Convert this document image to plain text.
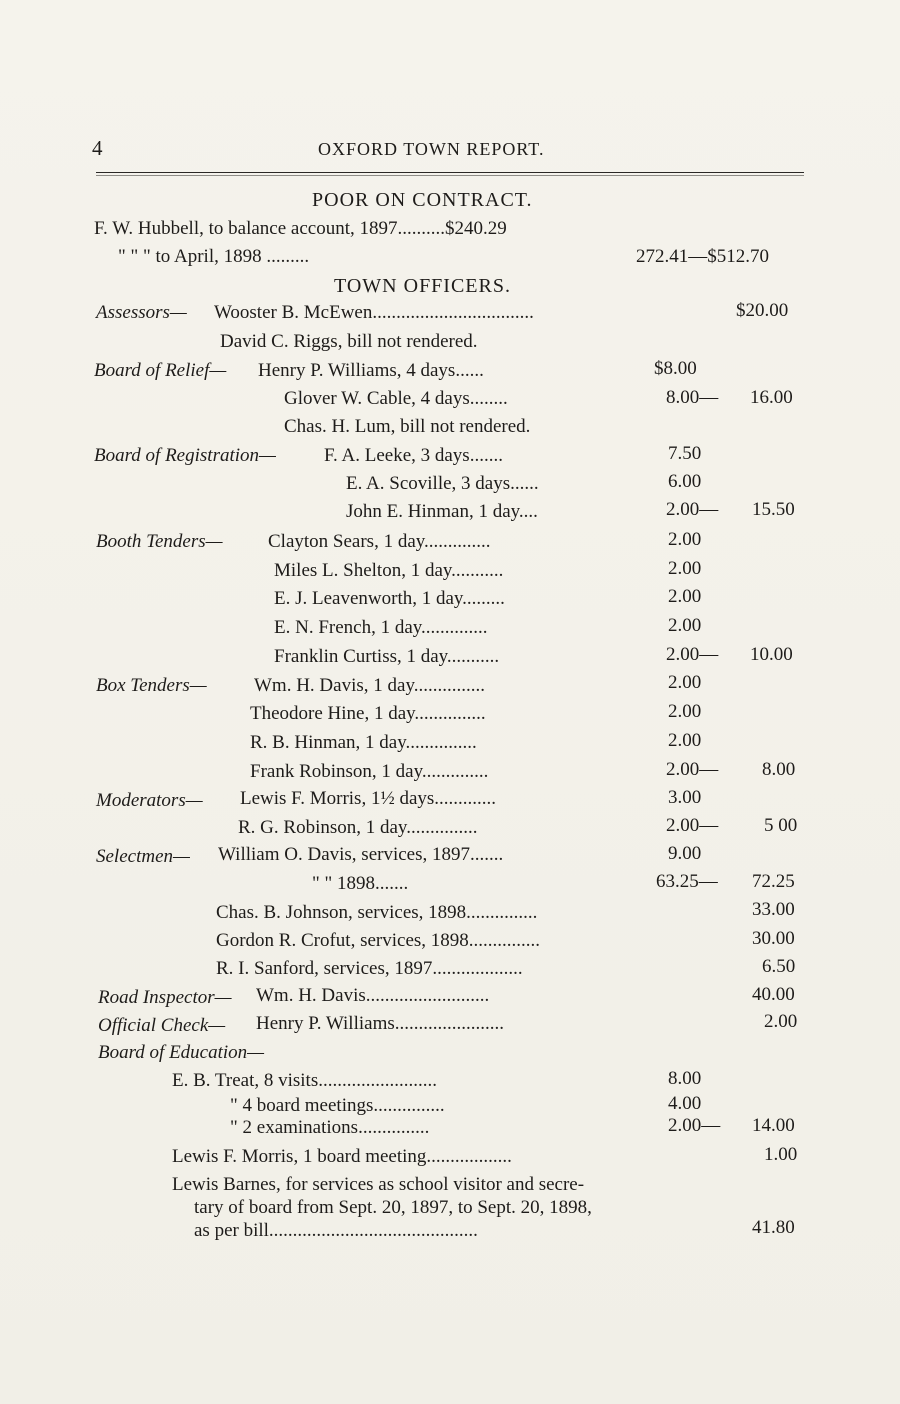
4	OXFORD TOWN REPORT.
POOR ON CONTRACT.
F. W. Hubbell, to balance account, 1897..........$240.29
" " " to April, 1898 .........	272.41—$512.70
TOWN OFFICERS.
Assessors— Wooster B. McEwen..................................	$20.00
David C. Riggs, bill not rendered.
Board of Relief— Henry P. Williams, 4 days......	$8.00
Glover W. Cable, 4 days........	8.00— 16.00
Chas. H. Lum, bill not rendered.
Board of Registration—	F. A. Leeke, 3 days.......	7.50
E. A. Scoville, 3 days......	6.00
John E. Hinman, 1 day....	2.00— 15.50
Booth Tenders— Clayton Sears, 1 day..............	2.00
Miles L. Shelton, 1 day...........	2.00
E. J. Leavenworth, 1 day.........	2.00
E. N. French, 1 day..............	2.00
Franklin Curtiss, 1 day...........	2.00— 10.00
Box Tenders— Wm. H. Davis, 1 day...............	2.00
Theodore Hine, 1 day...............	2.00
R. B. Hinman, 1 day...............	2.00
Frank Robinson, 1 day..............	2.00— 8.00
Moderators— Lewis F. Morris, 1½ days.............	3.00
R. G. Robinson, 1 day...............	2.00— 5 00
Selectmen— William O. Davis, services, 1897.......	9.00
" " 1898.......	63.25— 72.25
Chas. B. Johnson, services, 1898...............	33.00
Gordon R. Crofut, services, 1898...............	30.00
R. I. Sanford, services, 1897...................	6.50
Road Inspector— Wm. H. Davis..........................	40.00
Official Check— Henry P. Williams.......................	2.00
Board of Education—
E. B. Treat, 8 visits.........................	8.00
" 4 board meetings...............	4.00
" 2 examinations...............	2.00— 14.00
Lewis F. Morris, 1 board meeting..................	1.00
Lewis Barnes, for services as school visitor and secre-
tary of board from Sept. 20, 1897, to Sept. 20, 1898,
as per bill............................................	41.80
